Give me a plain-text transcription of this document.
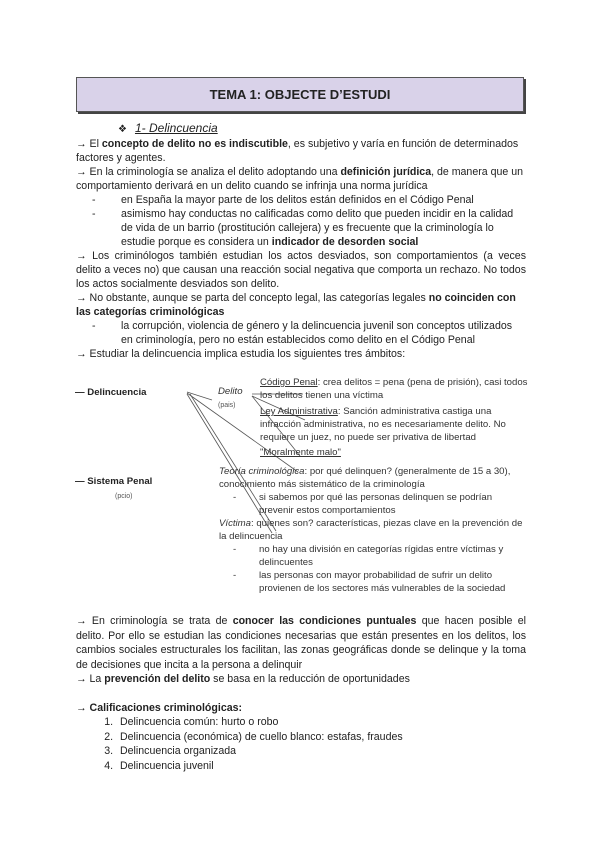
TEMA 1: OBJECTE D’ESTUDI
❖ 1- Delincuencia
→ El concepto de delito no es indiscutible, es subjetivo y varía en función de determinados factores y agentes.
→ En la criminología se analiza el delito adoptando una definición jurídica, de manera que un comportamiento derivará en un delito cuando se infrinja una norma jurídica
- en España la mayor parte de los delitos están definidos en el Código Penal
- asimismo hay conductas no calificadas como delito que pueden incidir en la calidad de vida de un barrio (prostitución callejera) y es frecuente que la criminología lo estudie porque es considera un indicador de desorden social
→ Los criminólogos también estudian los actos desviados, son comportamientos (a veces delito a veces no) que causan una reacción social negativa que comporta un rechazo. No todos los actos socialmente desviados son delito.
→ No obstante, aunque se parta del concepto legal, las categorías legales no coinciden con las categorías criminológicas
- la corrupción, violencia de género y la delincuencia juvenil son conceptos utilizados en criminología, pero no están establecidos como delito en el Código Penal
→ Estudiar la delincuencia implica estudia los siguientes tres ámbitos:
— Delincuencia
— Sistema Penal
(pcio)
Delito
(pais)
Código Penal: crea delitos = pena (pena de prisión), casi todos los delitos tienen una víctima
Ley Administrativa: Sanción administrativa castiga una infracción administrativa, no es necesariamente delito. No requiere un juez, no puede ser privativa de libertad
"Moralmente malo"
Teoría criminológica: por qué delinquen? (generalmente de 15 a 30), conocimiento más sistemático de la criminología
- si sabemos por qué las personas delinquen se podrían prevenir estos comportamientos
Víctima: quienes son? características, piezas clave en la prevención de la delincuencia
- no hay una división en categorías rígidas entre víctimas y delincuentes
- las personas con mayor probabilidad de sufrir un delito provienen de los sectores más vulnerables de la sociedad
→ En criminología se trata de conocer las condiciones puntuales que hacen posible el delito. Por ello se estudian las condiciones necesarias que están presentes en los delitos, los cambios sociales estructurales los facilitan, las zonas geográficas donde se delinque y la toma de decisiones que incita a la persona a delinquir
→ La prevención del delito se basa en la reducción de oportunidades
→ Calificaciones criminológicas:
1. Delincuencia común: hurto o robo
2. Delincuencia (económica) de cuello blanco: estafas, fraudes
3. Delincuencia organizada
4. Delincuencia juvenil
